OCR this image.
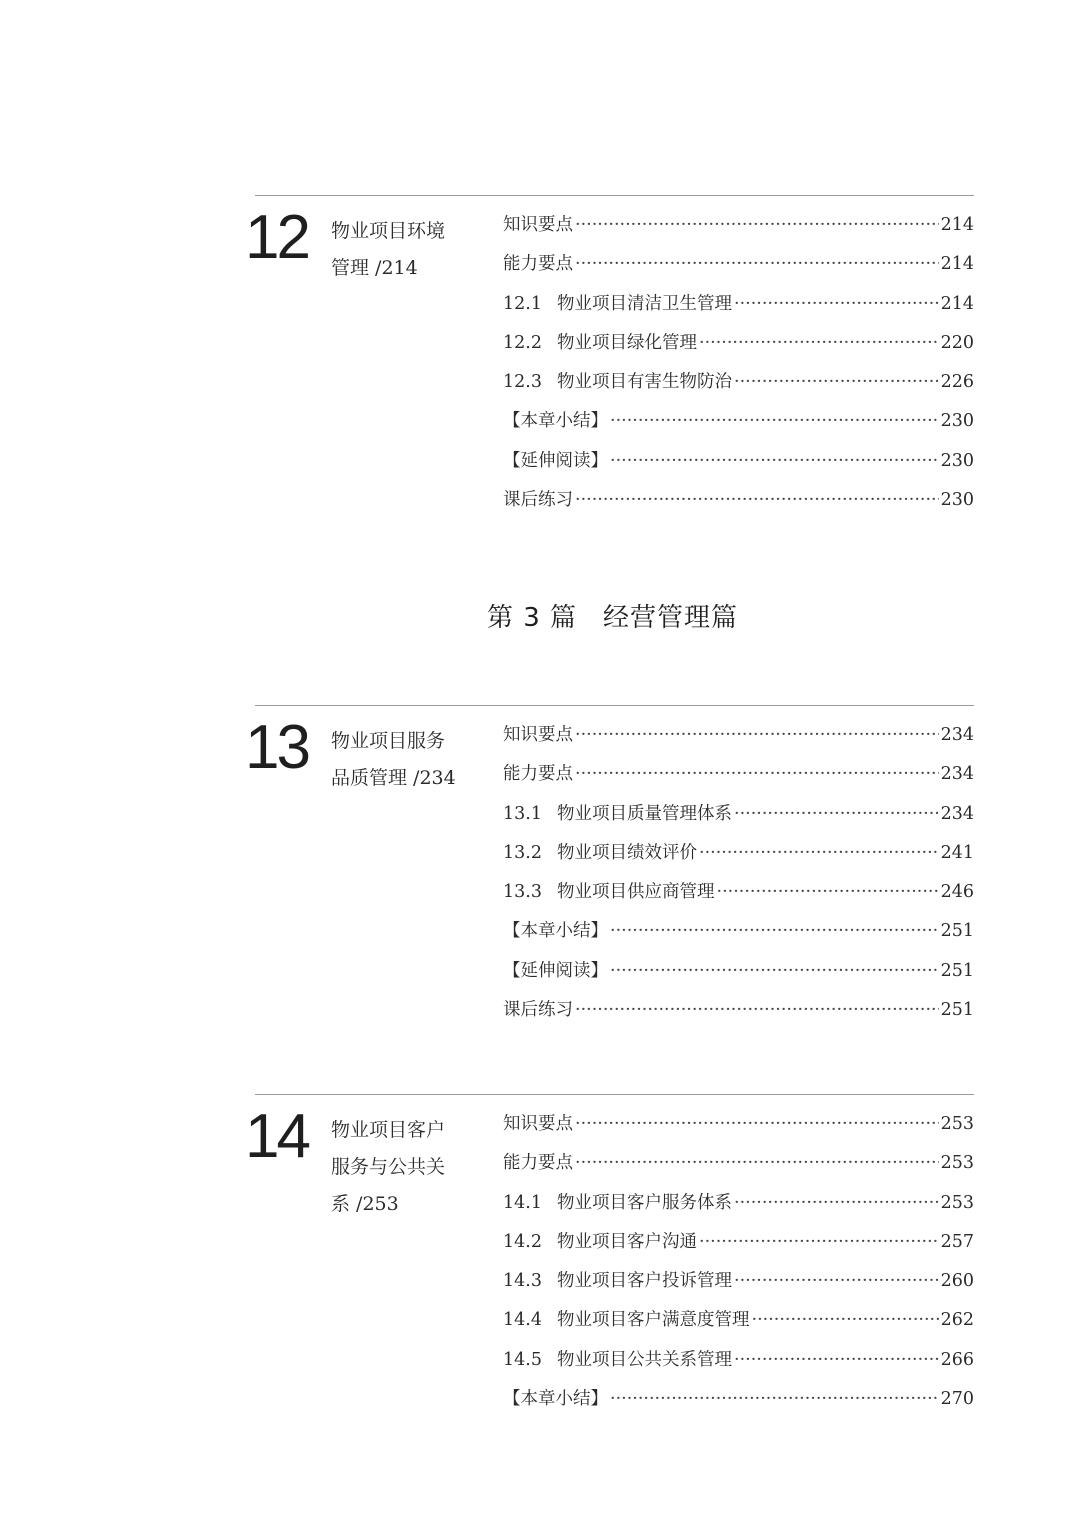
12 物业项目环境
管理 /214
知识要点 ·····	214
能力要点 ·····	214
12.1 物业项目清洁卫生管理 ·····	214
12.2 物业项目绿化管理 ·····	220
12.3 物业项目有害生物防治 ·····	226
【本章小结】 ·····	230
【延伸阅读】 ·····	230
课后练习 ·····	230
第 3 篇 经营管理篇
13 物业项目服务
品质管理 /234
知识要点 ·····	234
能力要点 ·····	234
13.1 物业项目质量管理体系 ·····	234
13.2 物业项目绩效评价 ·····	241
13.3 物业项目供应商管理 ·····	246
【本章小结】 ·····	251
【延伸阅读】 ·····	251
课后练习 ·····	251
14 物业项目客户
服务与公共关
系 /253
知识要点 ·····	253
能力要点 ·····	253
14.1 物业项目客户服务体系 ·····	253
14.2 物业项目客户沟通 ·····	257
14.3 物业项目客户投诉管理 ·····	260
14.4 物业项目客户满意度管理 ·····	262
14.5 物业项目公共关系管理 ·····	266
【本章小结】 ·····	270
